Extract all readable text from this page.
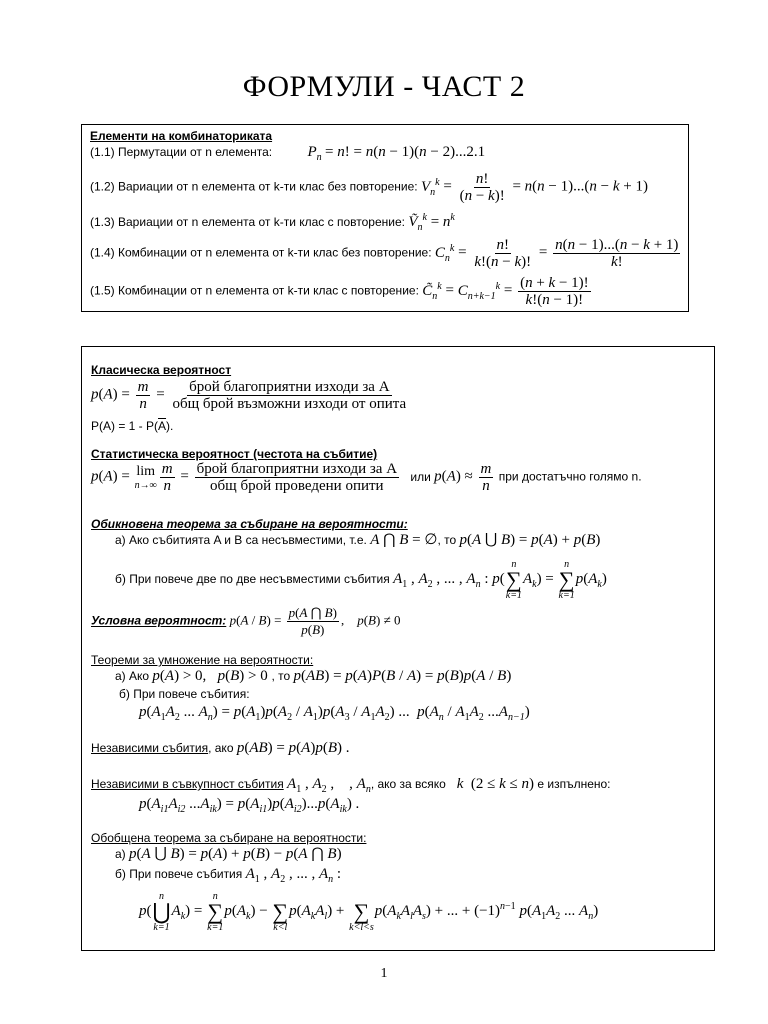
ФОРМУЛИ - ЧАСТ 2
Елементи на комбинаториката
(1.1) Пермутации от n елемента: $P_n = n$! = n(n − 1)(n − 2)...2.1
(1.2) Вариации от n елемента от k-ти клас без повторение: $V_n^k = \frac{n!}{(n - k)!} = n(n - 1)...(n - k + 1)$
(1.3) Вариации от n елемента от k-ти клас с повторение: Ṽ$_n^k$ = $n^k$
(1.4) Комбинации от n елемента от k-ти клас без повторение: $C_n^k = \frac{n!}{k!(n - k)!} = \frac{n(n - 1)...(n - k + 1)}{k!}$
(1.5) Комбинации от n елемента от k-ти клас с повторение: $C̃_n^k = C_{n+k-1}^k = \frac{(n + k - 1)!}{k!(n - 1)!}$
Класическа вероятност
$p(A) = \frac{m}{n}$ = брой благоприятни изходи за A
общ брой възможни изходи от опита
$P(A) = 1 - P(\overline{A})$.
Статистическа вероятност (честота на събитие)
p(A) = lim
$n\to\infty \frac{m}{n}$ = брой благоприятни изходи за A
общ брой проведени опити
или $p(A) \approx \frac{m}{n}$ при достатъчно голямо n.
Обикновена теорема за събиране на вероятности:
а) Ако събитията A и B са несъвместими, т.е. A ⋂ B = ∅, то p(A ⋃ B) = p(A) + p(B)
б) При повече две по две несъвместими събития $A_1$ , $A_2$ , ... , $A_n$ : p(
n
∑
k=1
$A_k$) =
n
∑
k=1
$p(A_k)$
Условна вероятност: $p(A / B) = \frac{p(A ⋂ B)}{p(B)}$ ,    p(B) ≠ 0
Теореми за умножение на вероятности:
а) Ако p(A) > 0,   p(B) > 0 , то p(AB) = p(A)P(B / A) = p(B)p(A / B)
б) При повече събития:
$p(A_1A_2$ ... $A_n) = p(A_1)p(A_2 / A_1)p(A_3 / A_1A_2)$ ...  $p(A_n / A_1A_2$ $...A_{n-1}$)
Независими събития, ако p(AB) = p(A)p(B) .
Независими в съвкупност събития $A_1$ , $A_2$ ,    , $A_n$, ако за всяко   k  (2 ≤ k ≤ n) е изпълнено:
$p(A_{i1}A_{i2}$ $...A_{ik}) = p(A_{i1})p(A_{i2})...p(A_{ik})$ .
Обобщена теорема за събиране на вероятности:
а) p(A ⋃ B) = p(A) + p(B) − p(A ⋂ B)
б) При повече събития $A_1$ , $A_2$ , ... , $A_n$ :
p(
n
⋃
k=1
$A_k$) =
n
∑
k=1
$p(A_k)$ −
∑
k<l
$p(A_kA_l)$ +
∑
k<l<s
$p(A_kA_lA_s)$ + ... + $(-1)^{n-1}$ $p(A_1A_2$ ... $A_n$)
1
